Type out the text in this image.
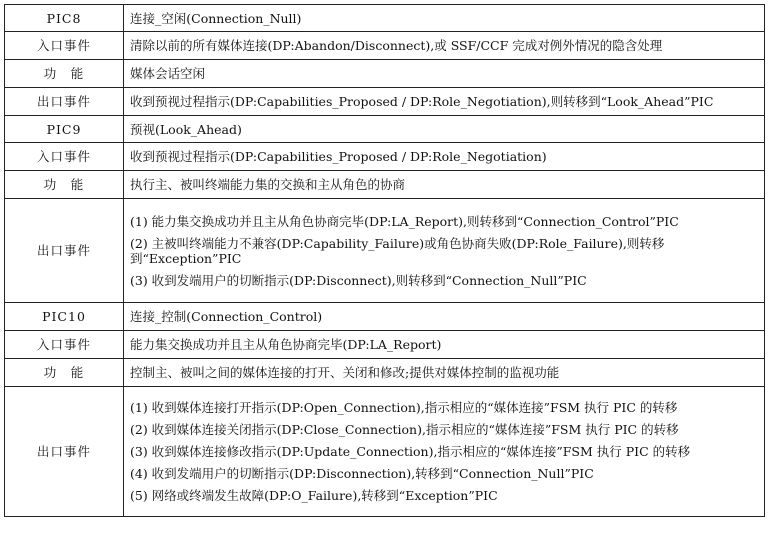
PIC8	连接_空闲(Connection_Null)
入口事件	清除以前的所有媒体连接(DP:Abandon/Disconnect),或 SSF/CCF 完成对例外情况的隐含处理
功　能	媒体会话空闲
出口事件	收到预视过程指示(DP:Capabilities_Proposed / DP:Role_Negotiation),则转移到“Look_Ahead”PIC
PIC9	预视(Look_Ahead)
入口事件	收到预视过程指示(DP:Capabilities_Proposed / DP:Role_Negotiation)
功　能	执行主、被叫终端能力集的交换和主从角色的协商
出口事件	(1) 能力集交换成功并且主从角色协商完毕(DP:LA_Report),则转移到“Connection_Control”PIC
(2) 主被叫终端能力不兼容(DP:Capability_Failure)或角色协商失败(DP:Role_Failure),则转移
到“Exception”PIC
(3) 收到发端用户的切断指示(DP:Disconnect),则转移到“Connection_Null”PIC

PIC10	连接_控制(Connection_Control)
入口事件	能力集交换成功并且主从角色协商完毕(DP:LA_Report)
功　能	控制主、被叫之间的媒体连接的打开、关闭和修改;提供对媒体控制的监视功能
出口事件	(1) 收到媒体连接打开指示(DP:Open_Connection),指示相应的“媒体连接”FSM 执行 PIC 的转移
(2) 收到媒体连接关闭指示(DP:Close_Connection),指示相应的“媒体连接”FSM 执行 PIC 的转移
(3) 收到媒体连接修改指示(DP:Update_Connection),指示相应的“媒体连接”FSM 执行 PIC 的转移
(4) 收到发端用户的切断指示(DP:Disconnection),转移到“Connection_Null”PIC
(5) 网络或终端发生故障(DP:O_Failure),转移到“Exception”PIC
